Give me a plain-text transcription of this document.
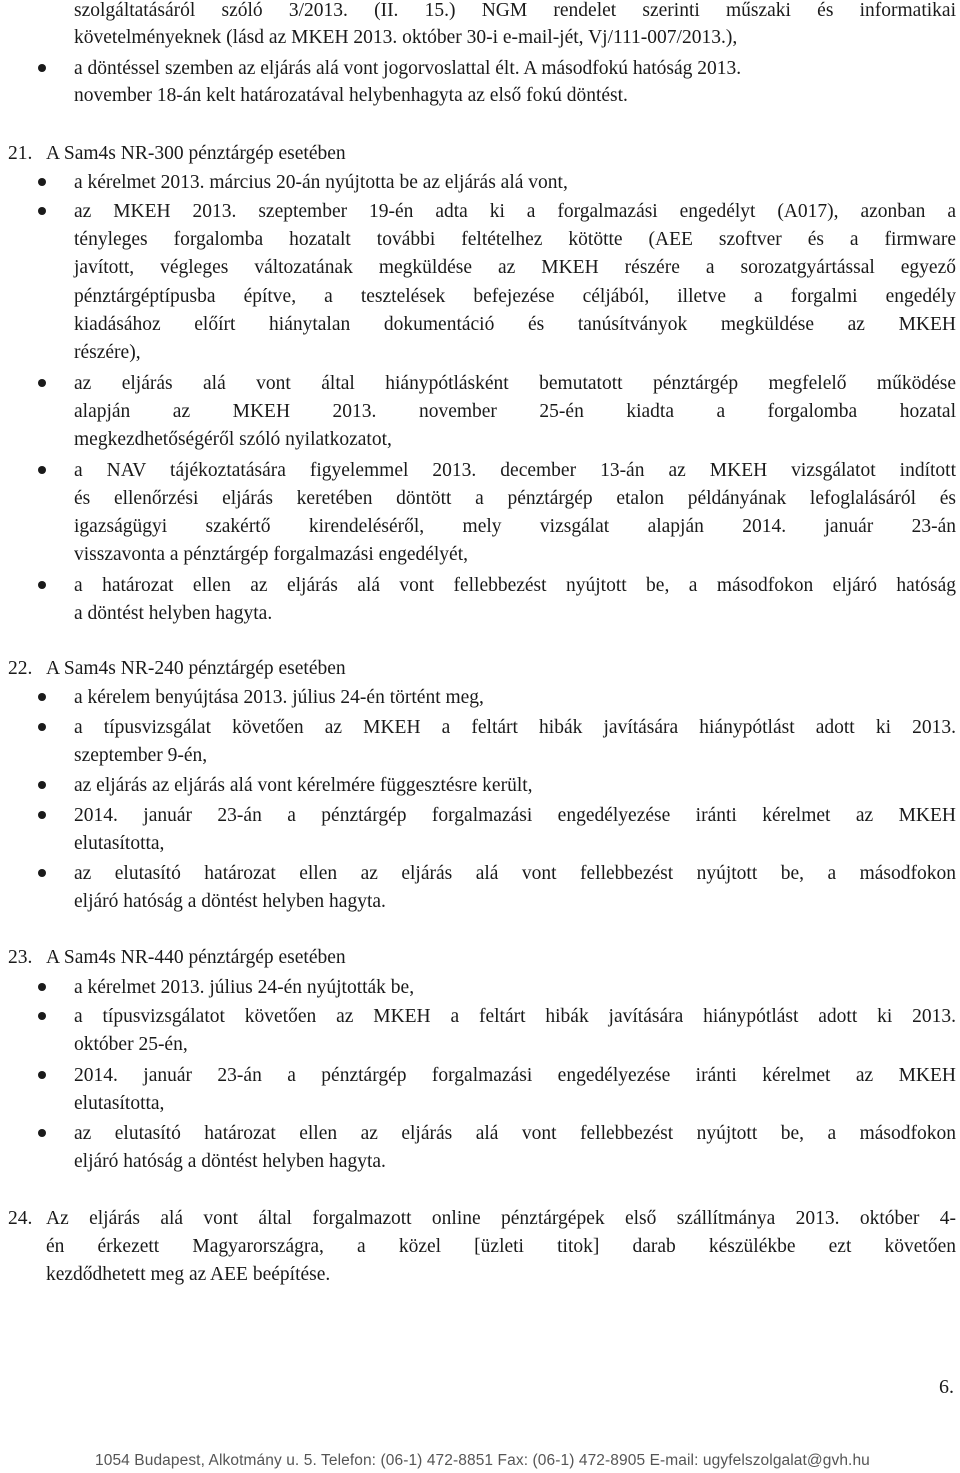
szolgáltatásáról szóló 3/2013. (II. 15.) NGM rendelet szerinti műszaki és informatikai
követelményeknek (lásd az MKEH 2013. október 30-i e-mail-jét, Vj/111-007/2013.),
a döntéssel szemben az eljárás alá vont jogorvoslattal élt. A másodfokú hatóság 2013.
november 18-án kelt határozatával helybenhagyta az első fokú döntést.
21. A Sam4s NR-300 pénztárgép esetében
a kérelmet 2013. március 20-án nyújtotta be az eljárás alá vont,
az MKEH 2013. szeptember 19-én adta ki a forgalmazási engedélyt (A017), azonban a
tényleges forgalomba hozatalt további feltételhez kötötte (AEE szoftver és a firmware
javított, végleges változatának megküldése az MKEH részére a sorozatgyártással egyező
pénztárgéptípusba építve, a tesztelések befejezése céljából, illetve a forgalmi engedély
kiadásához előírt hiánytalan dokumentáció és tanúsítványok megküldése az MKEH
részére),
az eljárás alá vont által hiánypótlásként bemutatott pénztárgép megfelelő működése
alapján az MKEH 2013. november 25-én kiadta a forgalomba hozatal
megkezdhetőségéről szóló nyilatkozatot,
a NAV tájékoztatására figyelemmel 2013. december 13-án az MKEH vizsgálatot indított
és ellenőrzési eljárás keretében döntött a pénztárgép etalon példányának lefoglalásáról és
igazságügyi szakértő kirendeléséről, mely vizsgálat alapján 2014. január 23-án
visszavonta a pénztárgép forgalmazási engedélyét,
a határozat ellen az eljárás alá vont fellebbezést nyújtott be, a másodfokon eljáró hatóság
a döntést helyben hagyta.
22. A Sam4s NR-240 pénztárgép esetében
a kérelem benyújtása 2013. július 24-én történt meg,
a típusvizsgálat követően az MKEH a feltárt hibák javítására hiánypótlást adott ki 2013.
szeptember 9-én,
az eljárás az eljárás alá vont kérelmére függesztésre került,
2014. január 23-án a pénztárgép forgalmazási engedélyezése iránti kérelmet az MKEH
elutasította,
az elutasító határozat ellen az eljárás alá vont fellebbezést nyújtott be, a másodfokon
eljáró hatóság a döntést helyben hagyta.
23. A Sam4s NR-440 pénztárgép esetében
a kérelmet 2013. július 24-én nyújtották be,
a típusvizsgálatot követően az MKEH a feltárt hibák javítására hiánypótlást adott ki 2013.
október 25-én,
2014. január 23-án a pénztárgép forgalmazási engedélyezése iránti kérelmet az MKEH
elutasította,
az elutasító határozat ellen az eljárás alá vont fellebbezést nyújtott be, a másodfokon
eljáró hatóság a döntést helyben hagyta.
24. Az eljárás alá vont által forgalmazott online pénztárgépek első szállítmánya 2013. október 4-
én érkezett Magyarországra, a közel [üzleti titok] darab készülékbe ezt követően
kezdődhetett meg az AEE beépítése.
6.
1054 Budapest, Alkotmány u. 5. Telefon: (06-1) 472-8851 Fax: (06-1) 472-8905 E-mail: ugyfelszolgalat@gvh.hu
